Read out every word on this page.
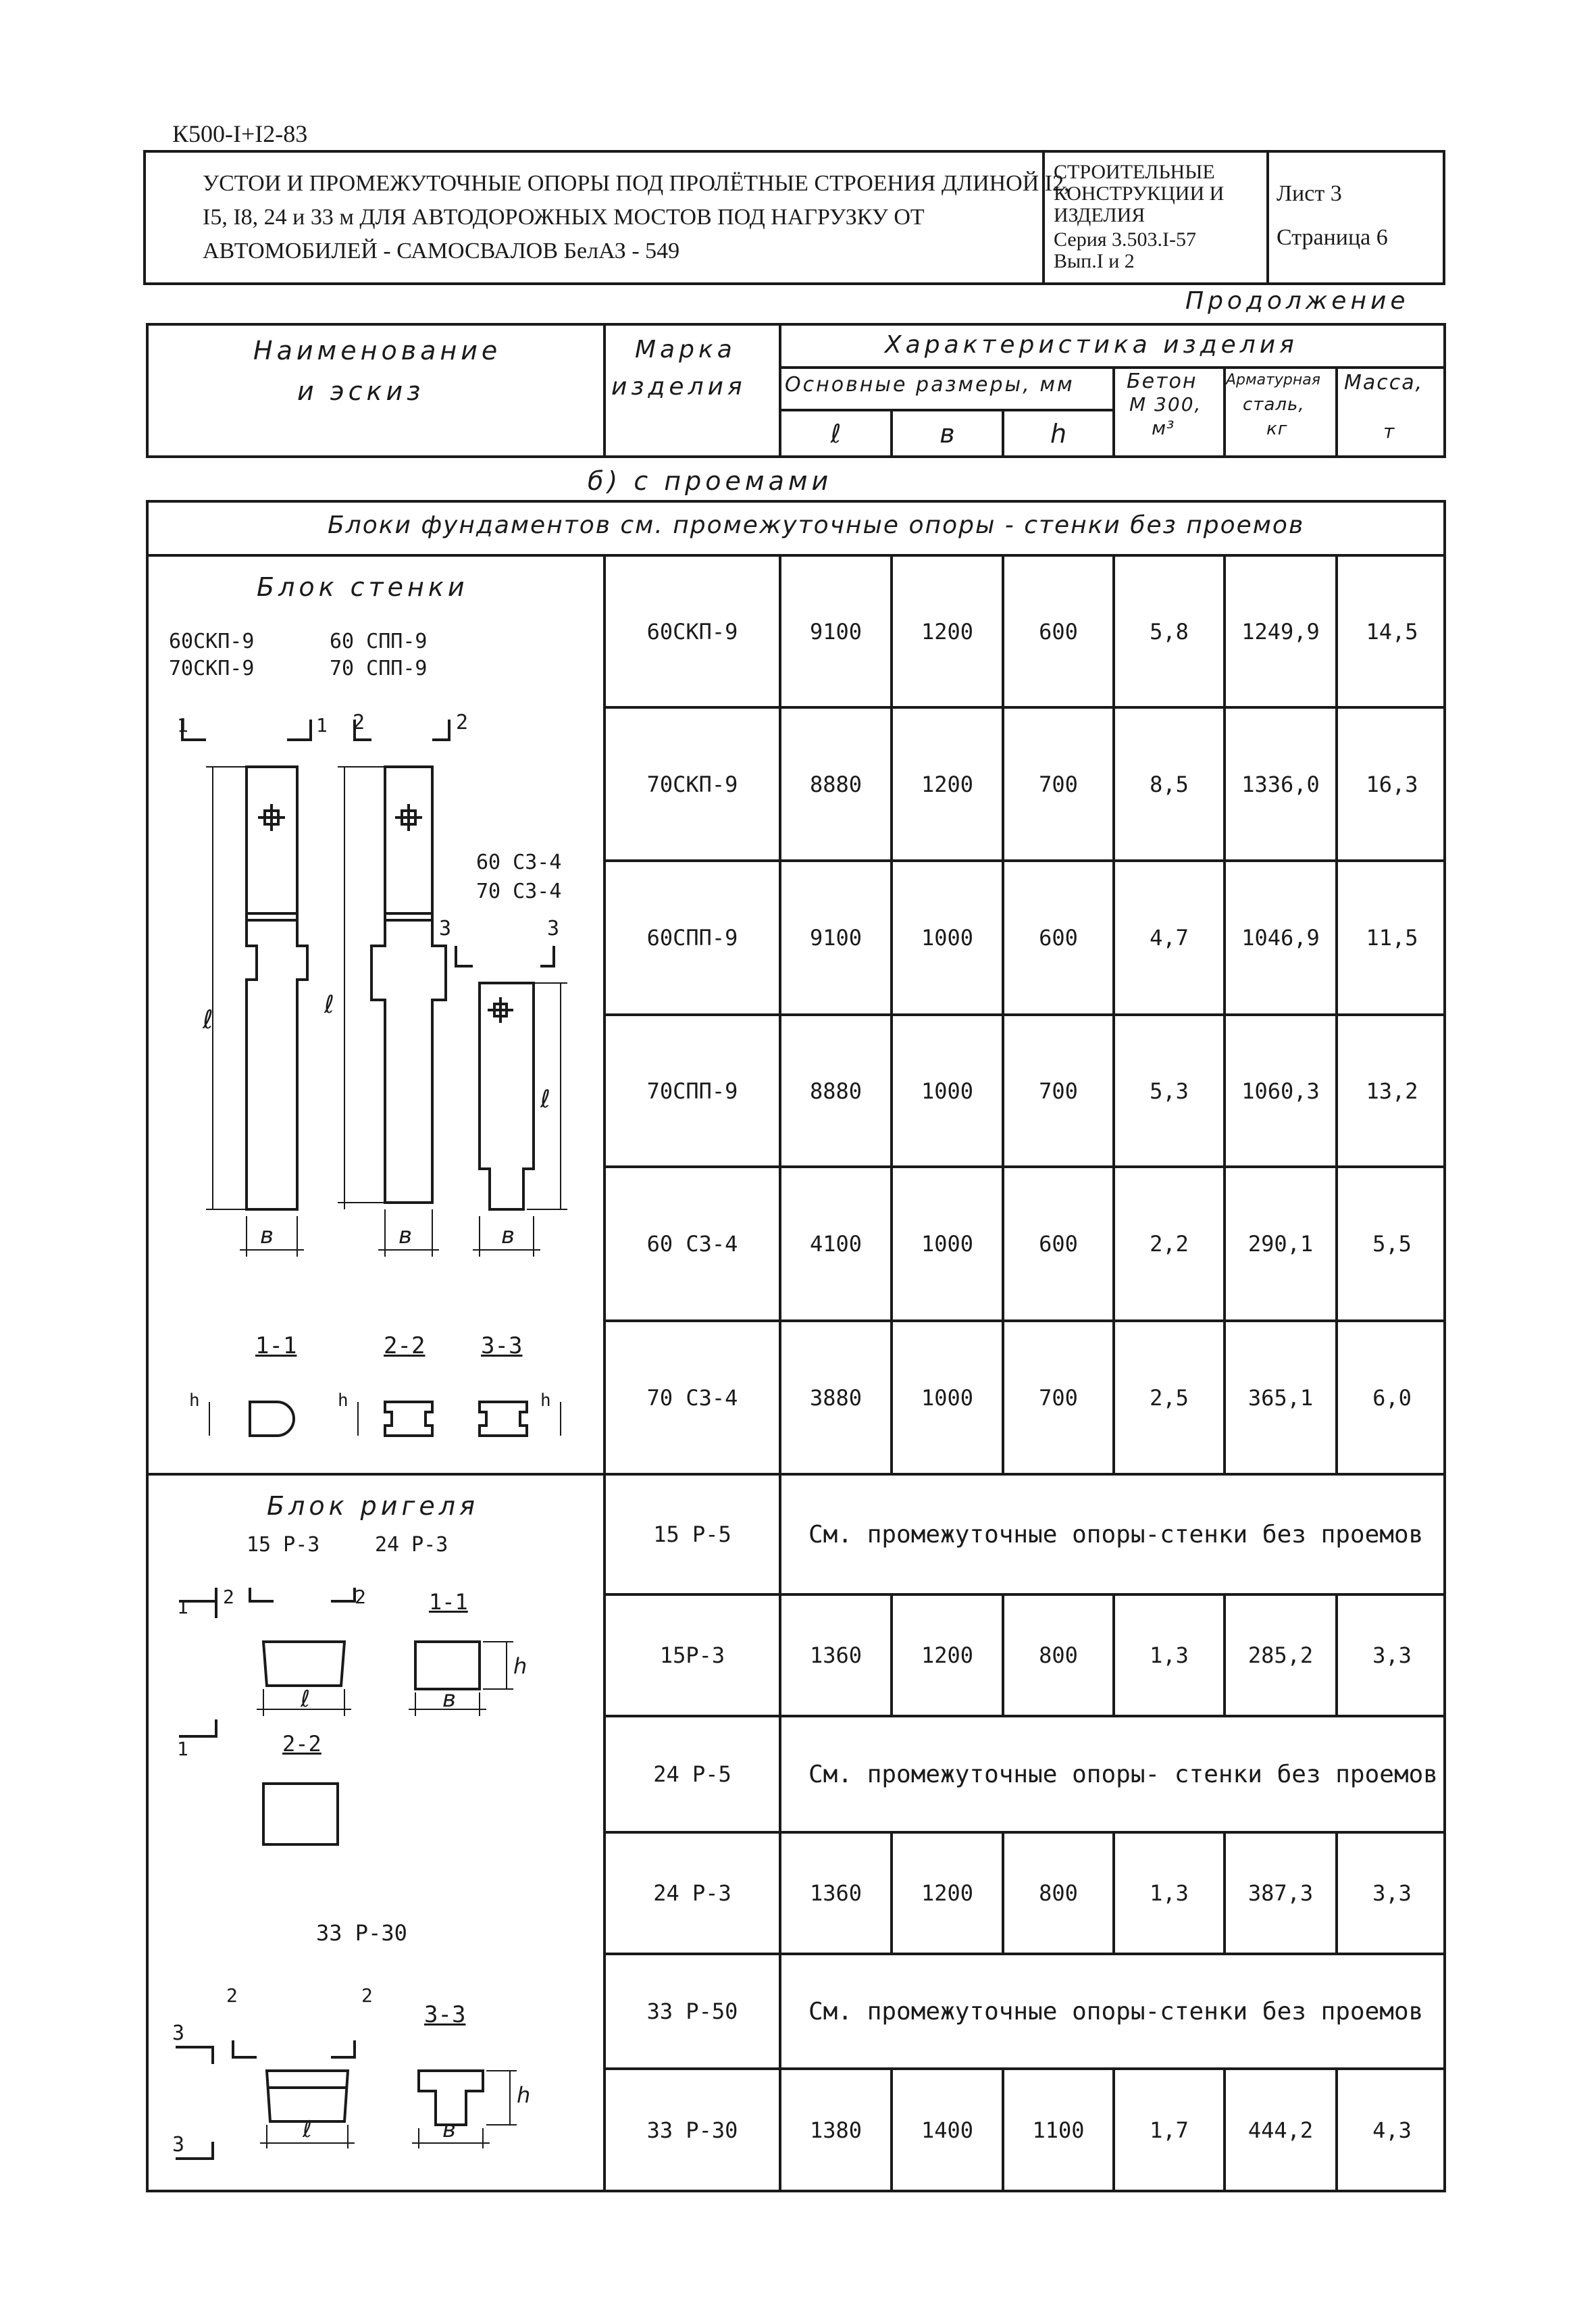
К500-I+I2-83
УСТОИ И ПРОМЕЖУТОЧНЫЕ ОПОРЫ ПОД ПРОЛЁТНЫЕ СТРОЕНИЯ ДЛИНОЙ I2,
I5, I8, 24 и 33 м ДЛЯ АВТОДОРОЖНЫХ МОСТОВ ПОД НАГРУЗКУ ОТ
АВТОМОБИЛЕЙ - САМОСВАЛОВ БелАЗ - 549
СТРОИТЕЛЬНЫЕ
КОНСТРУКЦИИ И
ИЗДЕЛИЯ
Серия 3.503.I-57
Вып.I и 2
Лист 3
Страница 6
Продолжение
Наименование
и эскиз
Марка
изделия
Характеристика изделия
Основные размеры, мм
ℓ	в	h
Бетон
М 300,
м³
Арматурная
сталь,
кг
Масса,
т
б) с проемами
Блоки фундаментов см. промежуточные опоры - стенки без проемов
60СКП-9	9100	1200	600	5,8	1249,9	14,5
70СКП-9	8880	1200	700	8,5	1336,0	16,3
60СПП-9	9100	1000	600	4,7	1046,9	11,5
70СПП-9	8880	1000	700	5,3	1060,3	13,2
60 СЗ-4	4100	1000	600	2,2	290,1	5,5
70 СЗ-4	3880	1000	700	2,5	365,1	6,0
15 Р-5	См. промежуточные опоры-стенки без проемов
15Р-3	1360	1200	800	1,3	285,2	3,3
24 Р-5	См. промежуточные опоры- стенки без проемов
24 Р-3	1360	1200	800	1,3	387,3	3,3
33 Р-50	См. промежуточные опоры-стенки без проемов
33 Р-30	1380	1400	1100	1,7	444,2	4,3
Блок стенки
60СКП-9	60 СПП-9
70СКП-9	70 СПП-9
60 СЗ-4
70 СЗ-4
ℓ	ℓ
ℓ
в	в	в
1	1 2	2
3	3
1-1	2-2 3-3
h	h	h
Блок ригеля
15 Р-3	24 Р-3
33 Р-30
ℓ	в
h
ℓ	в
h
1
1
2	2	1-1
2-2
2	2
3
3
3-3
